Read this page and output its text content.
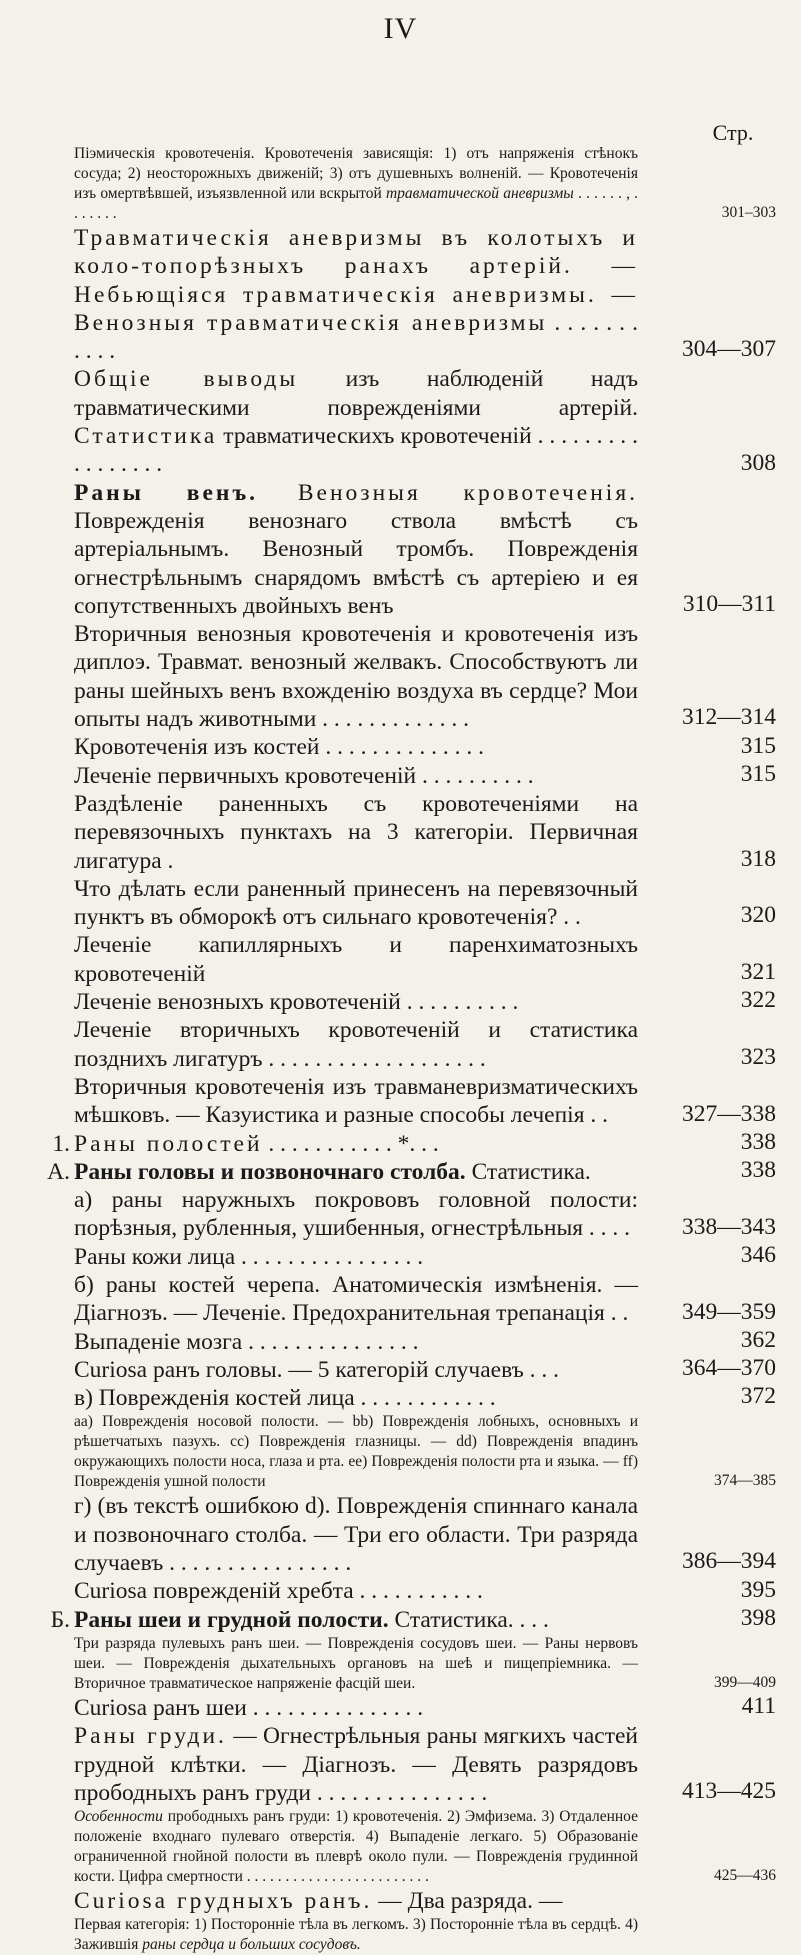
IV
Стр.
Піэмическія кровотеченія. Кровотеченія зависящія: 1) отъ напряженія стѣнокъ сосуда; 2) неосторожныхъ движеній; 3) отъ душевныхъ волненій. — Кровотеченія изъ омертвѣвшей, изъязвленной или вскрытой травматической аневризмы . . . . . . , . . . . . . .	301–303
Травматическія аневризмы въ колотыхъ и коло-топорѣзныхъ ранахъ артерій. — Небьющіяся травматическія аневризмы. — Венозныя травматическія аневризмы . . . . . . . . . . .	304—307
Общіе выводы изъ наблюденій надъ травматическими поврежденіями артерій. Статистика травматическихъ кровотеченій . . . . . . . . . . . . . . . . .	308
Раны венъ. Венозныя кровотеченія. Поврежденія венознаго ствола вмѣстѣ съ артеріальнымъ. Венозный тромбъ. Поврежденія огнестрѣльнымъ снарядомъ вмѣстѣ съ артеріею и ея сопутственныхъ двойныхъ венъ	310—311
Вторичныя венозныя кровотеченія и кровотеченія изъ диплоэ. Травмат. венозный желвакъ. Способствуютъ ли раны шейныхъ венъ вхожденію воздуха въ сердце? Мои опыты надъ животными . . . . . . . . . . . . .	312—314
Кровотеченія изъ костей . . . . . . . . . . . . . .	315
Леченіе первичныхъ кровотеченій . . . . . . . . . .	315
Раздѣленіе раненныхъ съ кровотеченіями на перевязочныхъ пунктахъ на 3 категоріи. Первичная лигатура .	318
Что дѣлать если раненный принесенъ на перевязочный пунктъ въ обморокѣ отъ сильнаго кровотеченія? . .	320
Леченіе капиллярныхъ и паренхиматозныхъ кровотеченій	321
Леченіе венозныхъ кровотеченій . . . . . . . . . .	322
Леченіе вторичныхъ кровотеченій и статистика позднихъ лигатуръ . . . . . . . . . . . . . . . . . . .	323
Вторичныя кровотеченія изъ травманевризматическихъ мѣшковъ. — Казуистика и разные способы лечепія . .	327—338
1. Раны полостей . . . . . . . . . . . *. . .	338
А. Раны головы и позвоночнаго столба. Статистика.	338
а) раны наружныхъ покрововъ головной полости: порѣзныя, рубленныя, ушибенныя, огнестрѣльныя . . . .	338—343
Раны кожи лица . . . . . . . . . . . . . . . .	346
б) раны костей черепа. Анатомическія измѣненія. — Діагнозъ. — Леченіе. Предохранительная трепанація . .	349—359
Выпаденіе мозга . . . . . . . . . . . . . . .	362
Curiosa ранъ головы. — 5 категорій случаевъ . . .	364—370
в) Поврежденія костей лица . . . . . . . . . . . .	372
аа) Поврежденія носовой полости. — bb) Поврежденія лобныхъ, основныхъ и рѣшетчатыхъ пазухъ. сс) Поврежденія глазницы. — dd) Поврежденія впадинъ окружающихъ полости носа, глаза и рта. ее) Поврежденія полости рта и языка. — ff) Поврежденія ушной полости	374—385
г) (въ текстѣ ошибкою d). Поврежденія спиннаго канала и позвоночнаго столба. — Три его области. Три разряда случаевъ . . . . . . . . . . . . . . . .	386—394
Curiosa поврежденій хребта . . . . . . . . . . .	395
Б. Раны шеи и грудной полости. Статистика. . . .	398
Три разряда пулевыхъ ранъ шеи. — Поврежденія сосудовъ шеи. — Раны нервовъ шеи. — Поврежденія дыхательныхъ органовъ на шеѣ и пищепріемника. — Вторичное травматическое напряженіе фасцій шеи.	399—409
Curiosa ранъ шеи . . . . . . . . . . . . . . .	411
Раны груди. — Огнестрѣльныя раны мягкихъ частей грудной клѣтки. — Діагнозъ. — Девять разрядовъ прободныхъ ранъ груди . . . . . . . . . . . . . . .	413—425
Особенности прободныхъ ранъ груди: 1) кровотеченія. 2) Эмфизема. 3) Отдаленное положеніе входнаго пулеваго отверстія. 4) Выпаденіе легкаго. 5) Образованіе ограниченной гнойной полости въ плеврѣ около пули. — Поврежденія грудинной кости. Цифра смертности . . . . . . . . . . . . . . . . . . . . . . . .	425—436
Curiosa грудныхъ ранъ. — Два разряда. —
Первая категорія: 1) Посторонніе тѣла въ легкомъ. 3) Посторонніе тѣла въ сердцѣ. 4) Зажившія раны сердца и больших сосудовъ.
